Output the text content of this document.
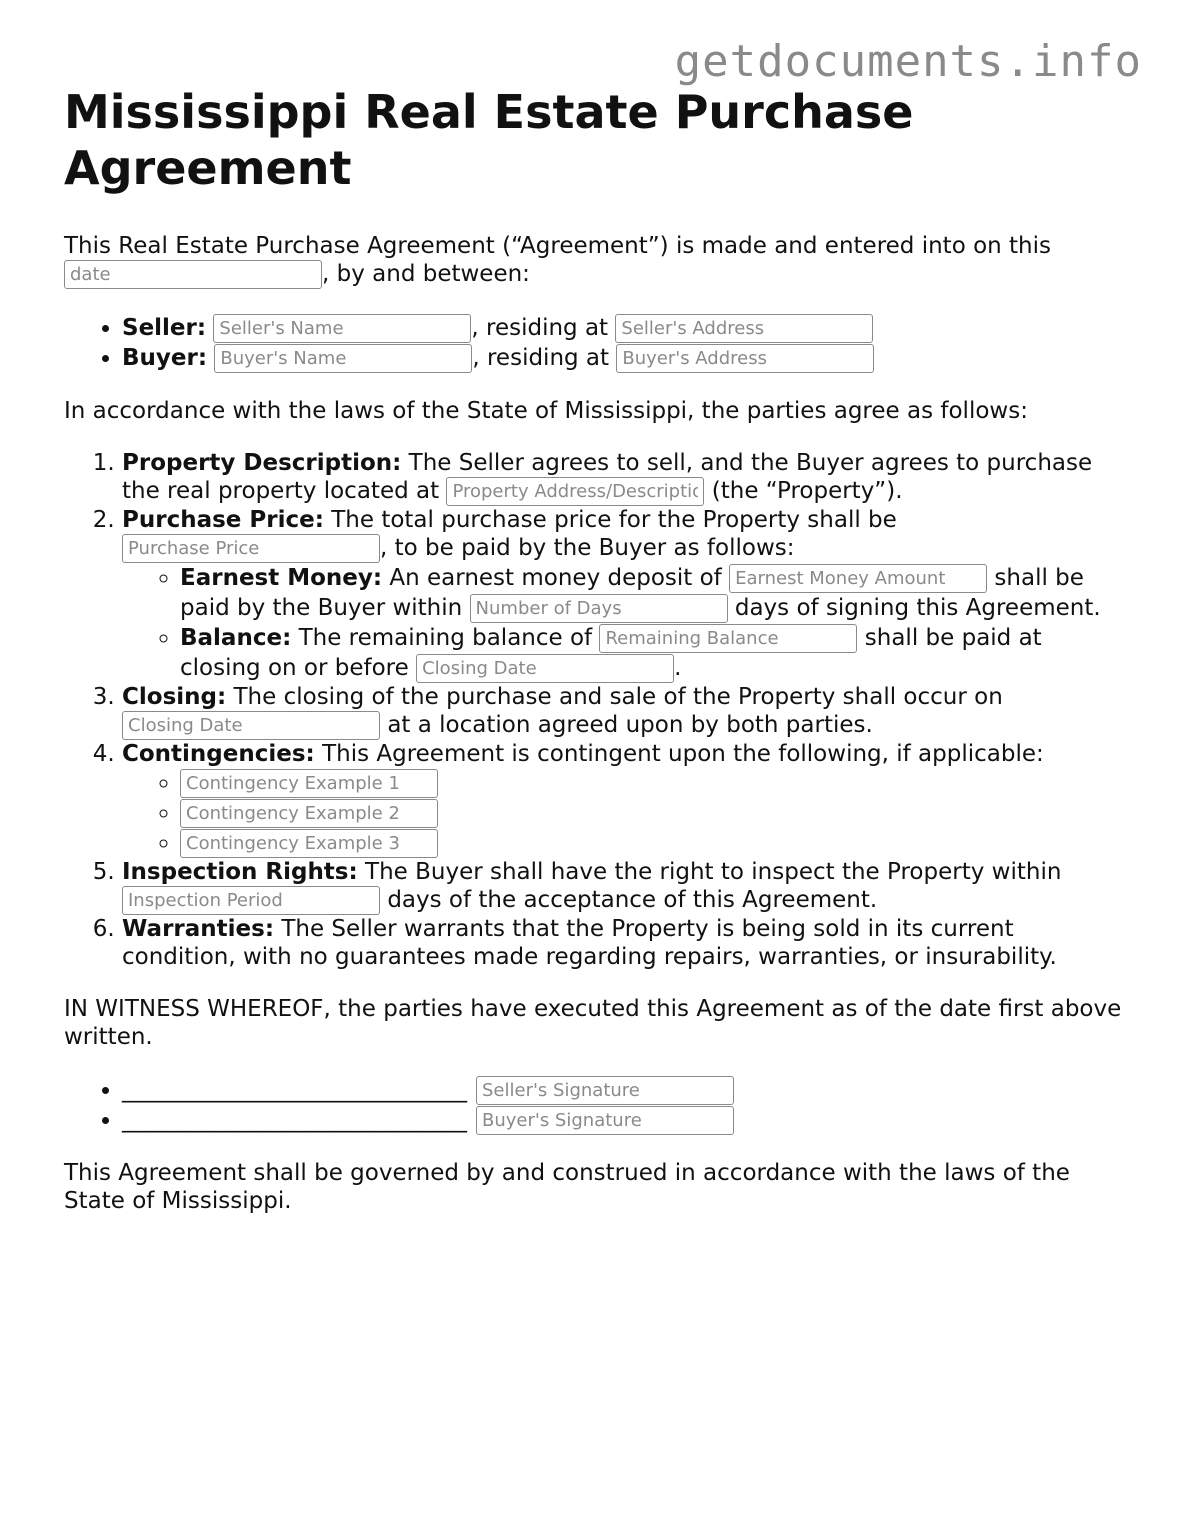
getdocuments.info
Mississippi Real Estate Purchase Agreement

This Real Estate Purchase Agreement (“Agreement”) is made and entered into on this date, by and between:

• Seller: Seller's Name	, residing at Seller's Address
• Buyer: Buyer's Name	, residing at Buyer's Address

In accordance with the laws of the State of Mississippi, the parties agree as follows:

1. Property Description: The Seller agrees to sell, and the Buyer agrees to purchase the real property located at Property Address/Description	(the “Property”).
2. Purchase Price: The total purchase price for the Property shall be Purchase Price, to be paid by the Buyer as follows:
◦ Earnest Money: An earnest money deposit of Earnest Money Amount	shall be paid by the Buyer within Number of Days	days of signing this Agreement.
◦ Balance: The remaining balance of Remaining Balance	shall be paid at closing on or before Closing Date	.
3. Closing: The closing of the purchase and sale of the Property shall occur on Closing Date at a location agreed upon by both parties.
4. Contingencies: This Agreement is contingent upon the following, if applicable:
◦ Contingency Example 1
◦ Contingency Example 2
◦ Contingency Example 3
5. Inspection Rights: The Buyer shall have the right to inspect the Property within Inspection Period days of the acceptance of this Agreement.
6. Warranties: The Seller warrants that the Property is being sold in its current condition, with no guarantees made regarding repairs, warranties, or insurability.

IN WITNESS WHEREOF, the parties have executed this Agreement as of the date first above written.

• ______________________________Seller's Signature
• ______________________________Buyer's Signature

This Agreement shall be governed by and construed in accordance with the laws of the State of Mississippi.
